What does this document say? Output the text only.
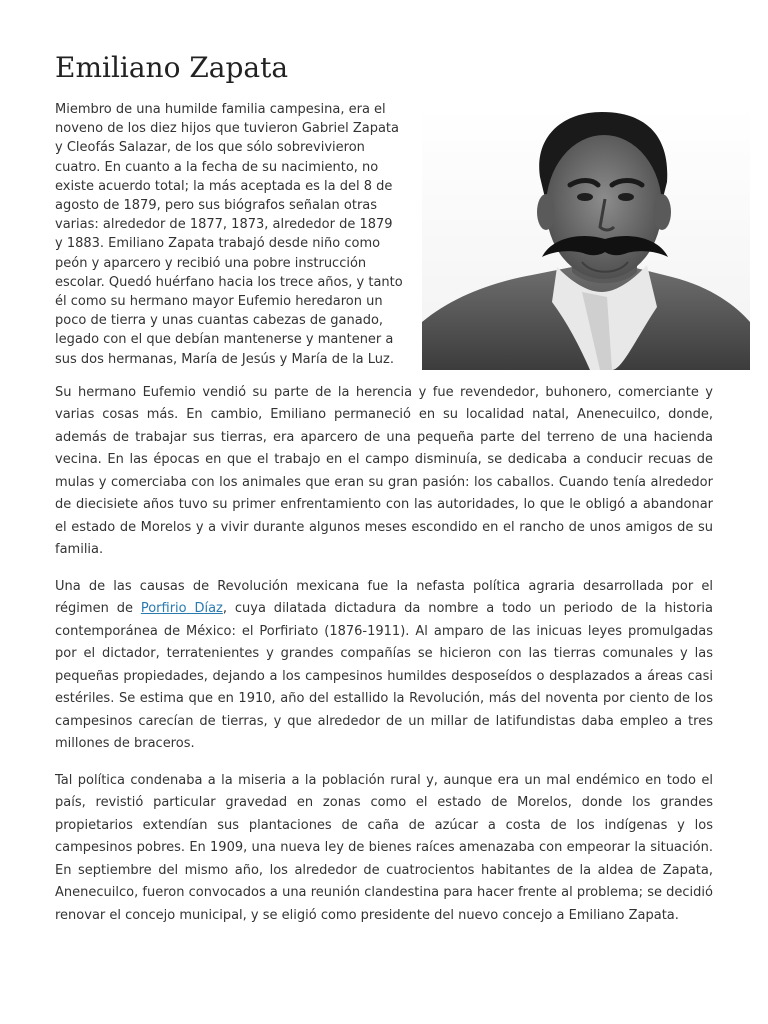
Emiliano Zapata

Miembro de una humilde familia campesina, era el noveno de los diez hijos que tuvieron Gabriel Zapata y Cleofás Salazar, de los que sólo sobrevivieron cuatro. En cuanto a la fecha de su nacimiento, no existe acuerdo total; la más aceptada es la del 8 de agosto de 1879, pero sus biógrafos señalan otras varias: alrededor de 1877, 1873, alrededor de 1879 y 1883. Emiliano Zapata trabajó desde niño como peón y aparcero y recibió una pobre instrucción escolar. Quedó huérfano hacia los trece años, y tanto él como su hermano mayor Eufemio heredaron un poco de tierra y unas cuantas cabezas de ganado, legado con el que debían mantenerse y mantener a sus dos hermanas, María de Jesús y María de la Luz.

Su hermano Eufemio vendió su parte de la herencia y fue revendedor, buhonero, comerciante y varias cosas más. En cambio, Emiliano permaneció en su localidad natal, Anenecuilco, donde, además de trabajar sus tierras, era aparcero de una pequeña parte del terreno de una hacienda vecina. En las épocas en que el trabajo en el campo disminuía, se dedicaba a conducir recuas de mulas y comerciaba con los animales que eran su gran pasión: los caballos. Cuando tenía alrededor de diecisiete años tuvo su primer enfrentamiento con las autoridades, lo que le obligó a abandonar el estado de Morelos y a vivir durante algunos meses escondido en el rancho de unos amigos de su familia.

Una de las causas de Revolución mexicana fue la nefasta política agraria desarrollada por el régimen de Porfirio Díaz, cuya dilatada dictadura da nombre a todo un periodo de la historia contemporánea de México: el Porfiriato (1876-1911). Al amparo de las inicuas leyes promulgadas por el dictador, terratenientes y grandes compañías se hicieron con las tierras comunales y las pequeñas propiedades, dejando a los campesinos humildes desposeídos o desplazados a áreas casi estériles. Se estima que en 1910, año del estallido la Revolución, más del noventa por ciento de los campesinos carecían de tierras, y que alrededor de un millar de latifundistas daba empleo a tres millones de braceros.

Tal política condenaba a la miseria a la población rural y, aunque era un mal endémico en todo el país, revistió particular gravedad en zonas como el estado de Morelos, donde los grandes propietarios extendían sus plantaciones de caña de azúcar a costa de los indígenas y los campesinos pobres. En 1909, una nueva ley de bienes raíces amenazaba con empeorar la situación. En septiembre del mismo año, los alrededor de cuatrocientos habitantes de la aldea de Zapata, Anenecuilco, fueron convocados a una reunión clandestina para hacer frente al problema; se decidió renovar el concejo municipal, y se eligió como presidente del nuevo concejo a Emiliano Zapata.
